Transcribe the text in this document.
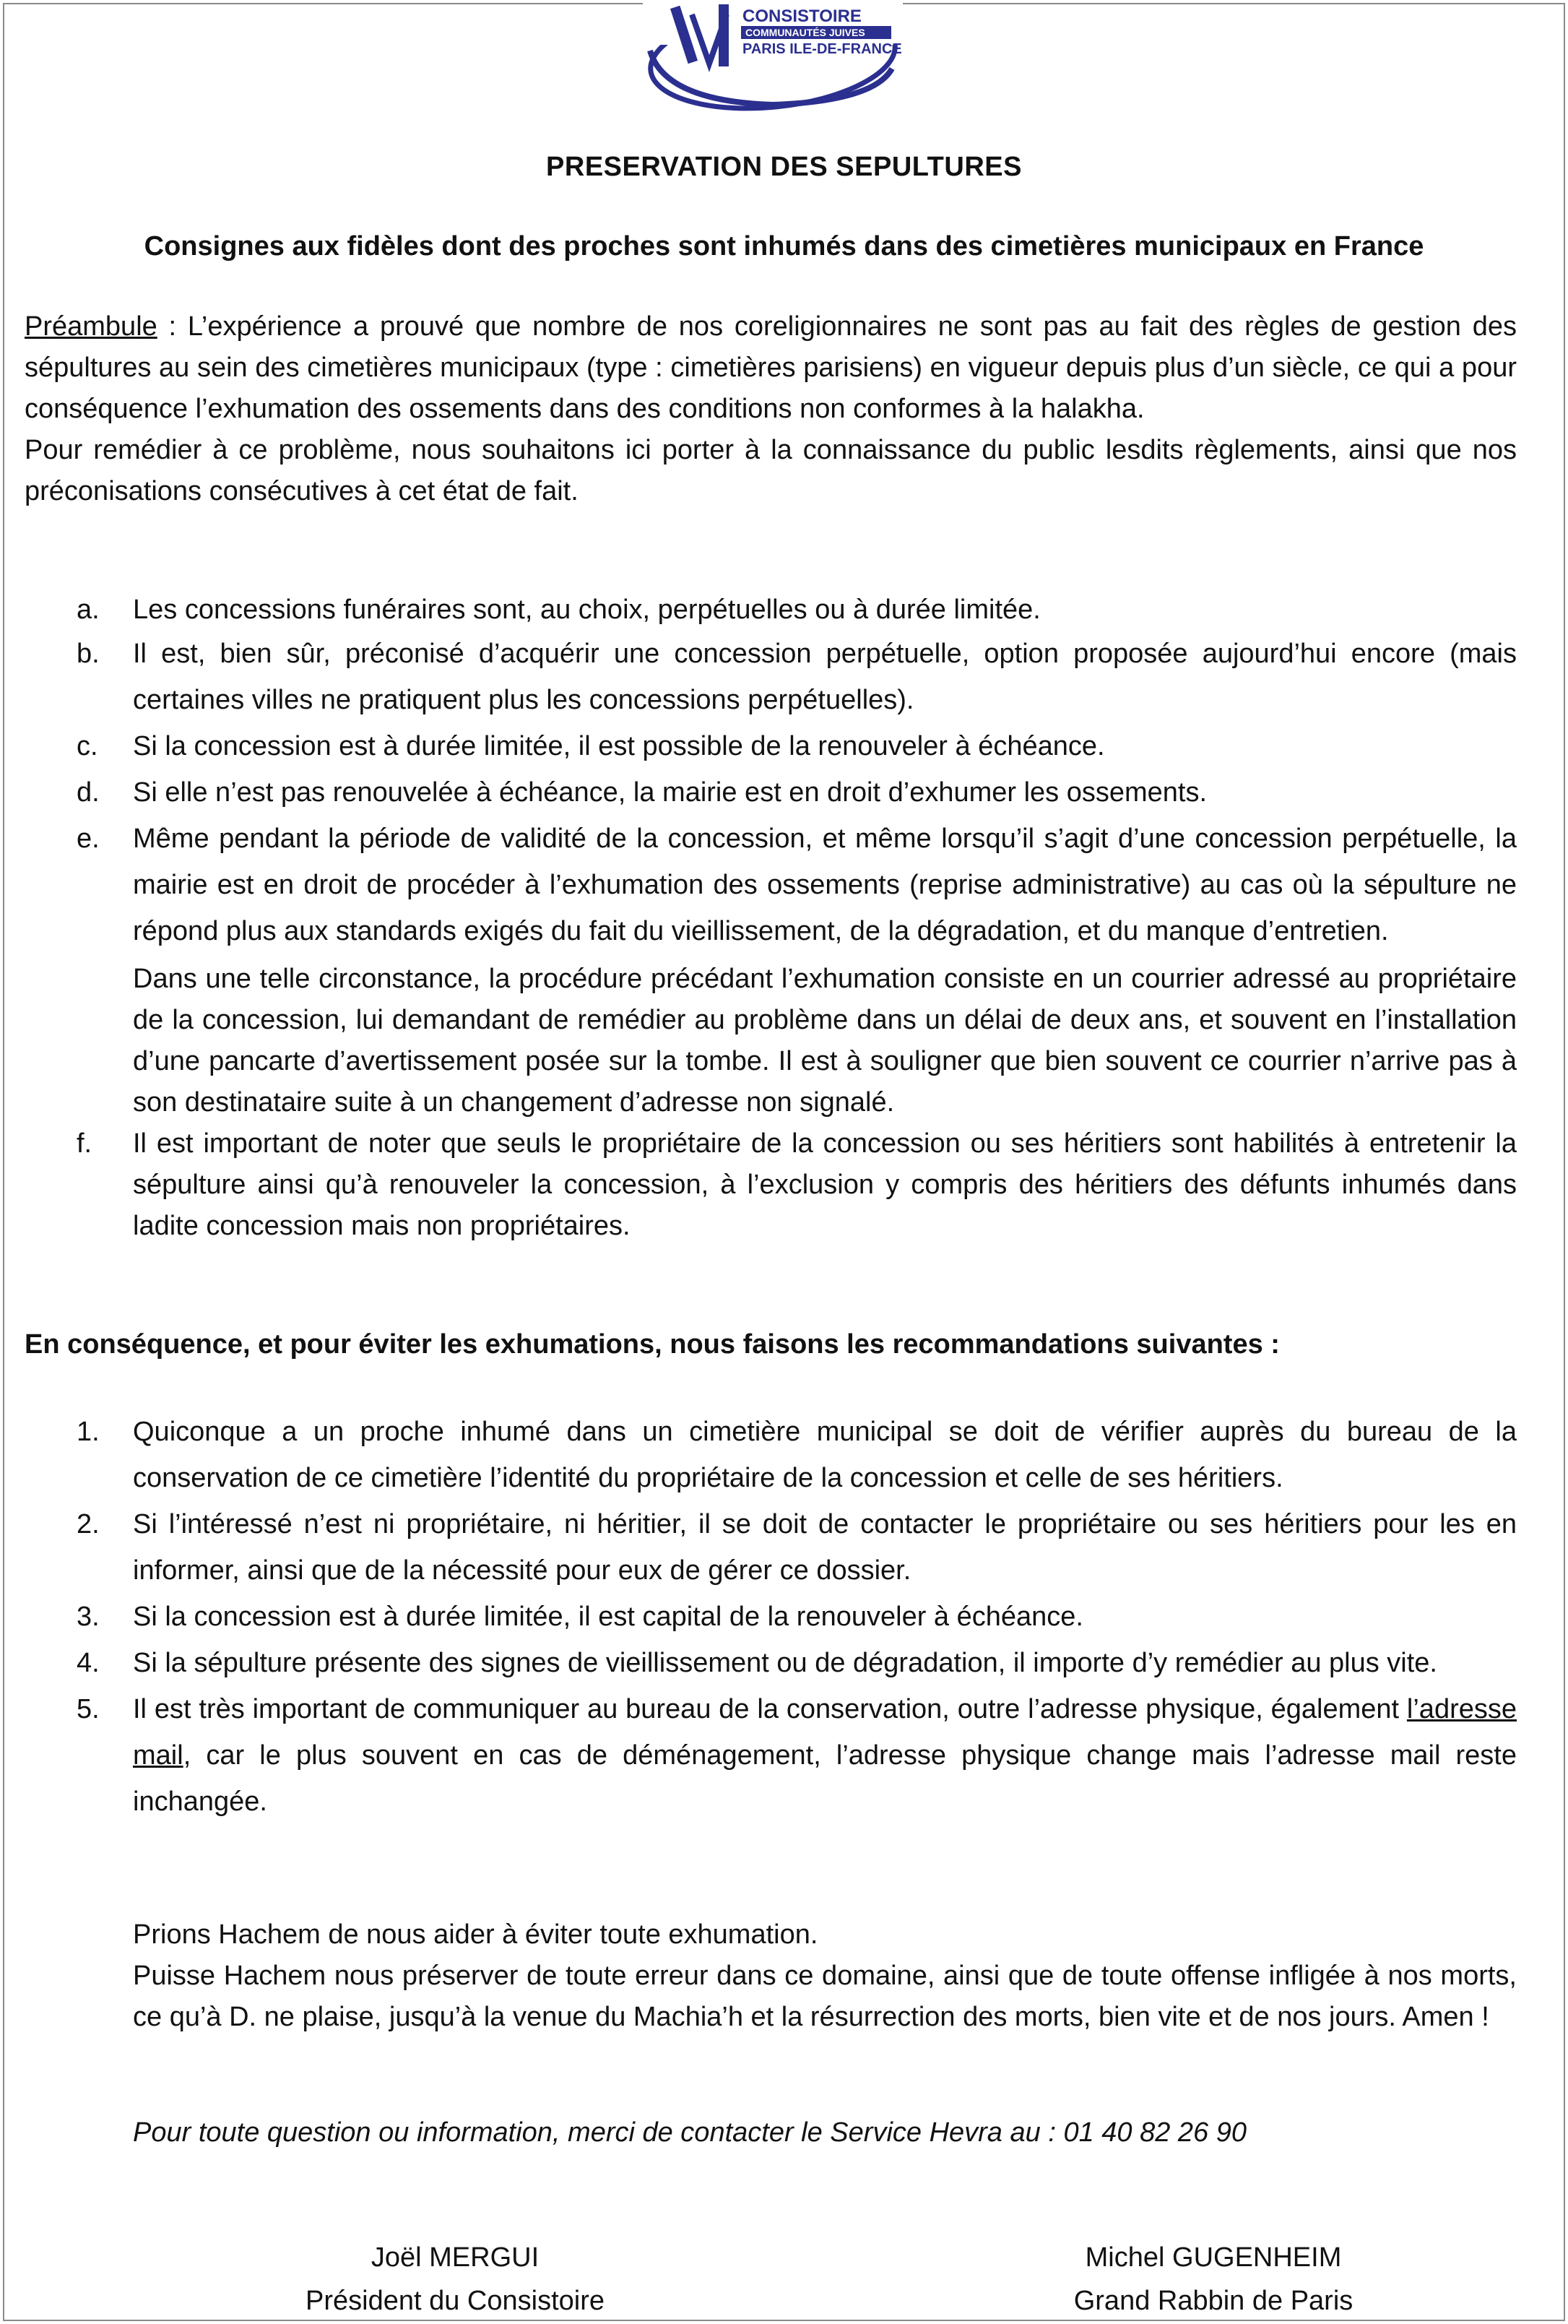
CONSISTOIRE
COMMUNAUTÉS JUIVES
PARIS ILE-DE-FRANCE
PRESERVATION DES SEPULTURES
Consignes aux fidèles dont des proches sont inhumés dans des cimetières municipaux en France
Préambule : L’expérience a prouvé que nombre de nos coreligionnaires ne sont pas au fait des règles de gestion des sépultures au sein des cimetières municipaux (type : cimetières parisiens) en vigueur depuis plus d’un siècle, ce qui a pour conséquence l’exhumation des ossements dans des conditions non conformes à la halakha.
Pour remédier à ce problème, nous souhaitons ici porter à la connaissance du public lesdits règlements, ainsi que nos préconisations consécutives à cet état de fait.
a. Les concessions funéraires sont, au choix, perpétuelles ou à durée limitée.
b. Il est, bien sûr, préconisé d’acquérir une concession perpétuelle, option proposée aujourd’hui encore (mais certaines villes ne pratiquent plus les concessions perpétuelles).
c. Si la concession est à durée limitée, il est possible de la renouveler à échéance.
d. Si elle n’est pas renouvelée à échéance, la mairie est en droit d’exhumer les ossements.
e. Même pendant la période de validité de la concession, et même lorsqu’il s’agit d’une concession perpétuelle, la mairie est en droit de procéder à l’exhumation des ossements (reprise administrative) au cas où la sépulture ne répond plus aux standards exigés du fait du vieillissement, de la dégradation, et du manque d’entretien.
Dans une telle circonstance, la procédure précédant l’exhumation consiste en un courrier adressé au propriétaire de la concession, lui demandant de remédier au problème dans un délai de deux ans, et souvent en l’installation d’une pancarte d’avertissement posée sur la tombe. Il est à souligner que bien souvent ce courrier n’arrive pas à son destinataire suite à un changement d’adresse non signalé.
f. Il est important de noter que seuls le propriétaire de la concession ou ses héritiers sont habilités à entretenir la sépulture ainsi qu’à renouveler la concession, à l’exclusion y compris des héritiers des défunts inhumés dans ladite concession mais non propriétaires.
En conséquence, et pour éviter les exhumations, nous faisons les recommandations suivantes :
1. Quiconque a un proche inhumé dans un cimetière municipal se doit de vérifier auprès du bureau de la conservation de ce cimetière l’identité du propriétaire de la concession et celle de ses héritiers.
2. Si l’intéressé n’est ni propriétaire, ni héritier, il se doit de contacter le propriétaire ou ses héritiers pour les en informer, ainsi que de la nécessité pour eux de gérer ce dossier.
3. Si la concession est à durée limitée, il est capital de la renouveler à échéance.
4. Si la sépulture présente des signes de vieillissement ou de dégradation, il importe d’y remédier au plus vite.
5. Il est très important de communiquer au bureau de la conservation, outre l’adresse physique, également l’adresse mail, car le plus souvent en cas de déménagement, l’adresse physique change mais l’adresse mail reste inchangée.
Prions Hachem de nous aider à éviter toute exhumation.
Puisse Hachem nous préserver de toute erreur dans ce domaine, ainsi que de toute offense infligée à nos morts, ce qu’à D. ne plaise, jusqu’à la venue du Machia’h et la résurrection des morts, bien vite et de nos jours. Amen !
Pour toute question ou information, merci de contacter le Service Hevra au : 01 40 82 26 90
Joël MERGUI
Président du Consistoire
Michel GUGENHEIM
Grand Rabbin de Paris
